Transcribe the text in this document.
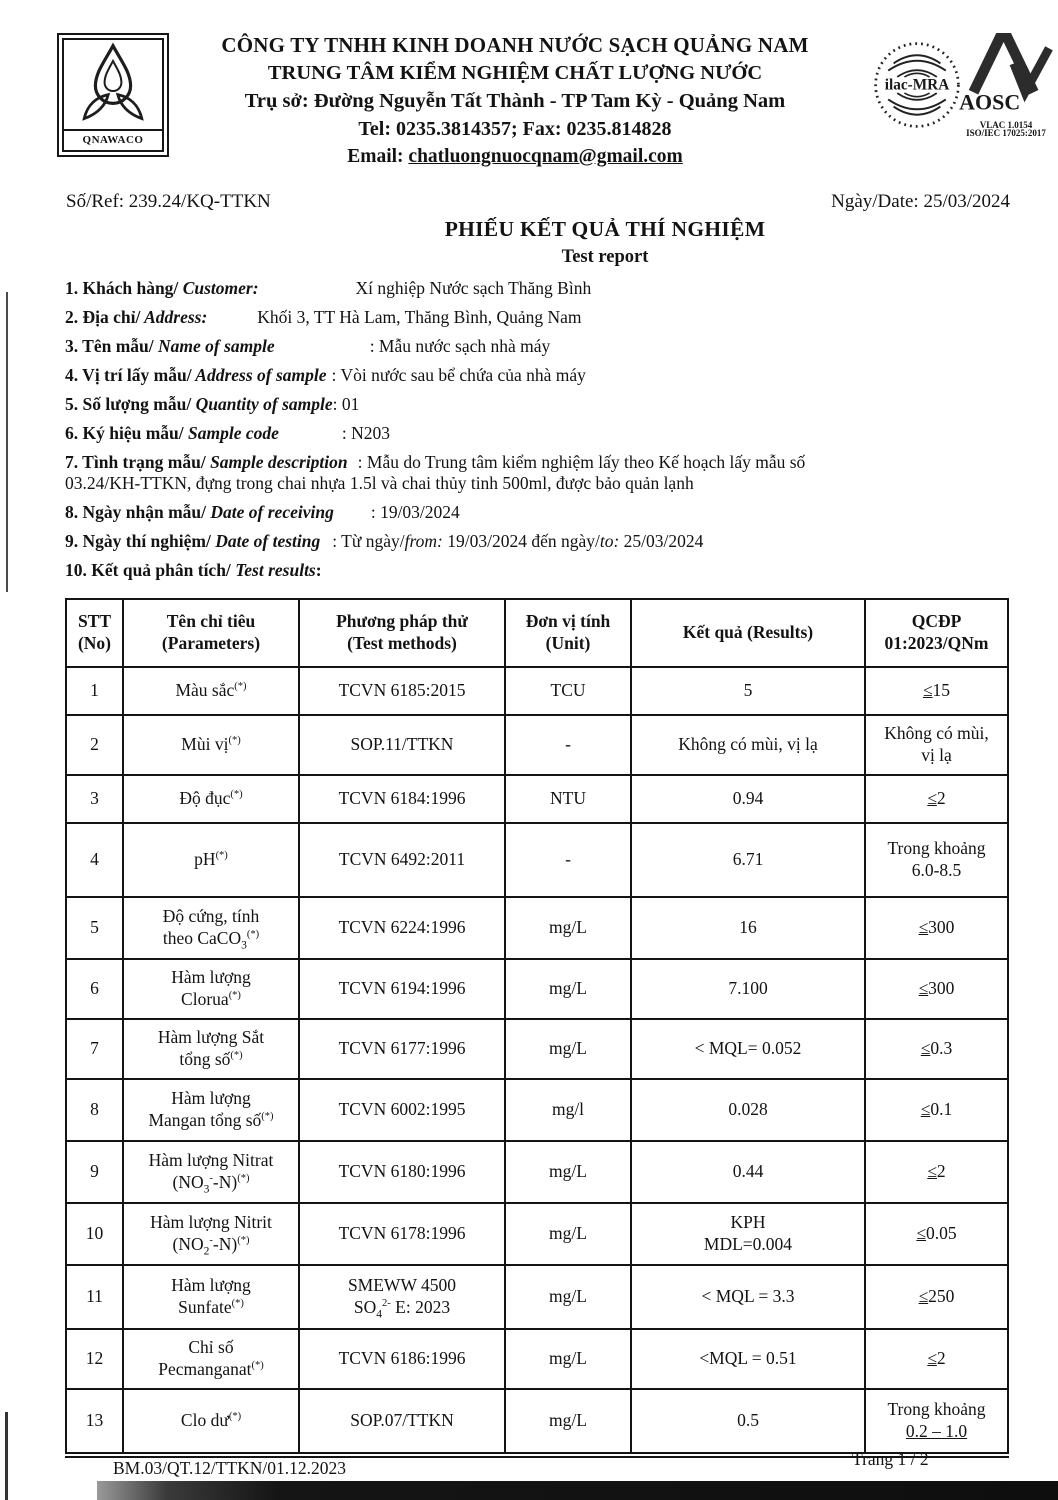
QNAWACO
CÔNG TY TNHH KINH DOANH NƯỚC SẠCH QUẢNG NAM
TRUNG TÂM KIỂM NGHIỆM CHẤT LƯỢNG NƯỚC
Trụ sở: Đường Nguyễn Tất Thành - TP Tam Kỳ - Quảng Nam
Tel: 0235.3814357; Fax: 0235.814828
Email: chatluongnuocqnam@gmail.com
ilac-MRA
AOSC
VLAC 1.0154
ISO/IEC 17025:2017
Số/Ref: 239.24/KQ-TTKN	Ngày/Date: 25/03/2024
PHIẾU KẾT QUẢ THÍ NGHIỆM
Test report
1. Khách hàng/ Customer:	Xí nghiệp Nước sạch Thăng Bình
2. Địa chỉ/ Address:	Khối 3, TT Hà Lam, Thăng Bình, Quảng Nam
3. Tên mẫu/ Name of sample	: Mẫu nước sạch nhà máy
4. Vị trí lấy mẫu/ Address of sample : Vòi nước sau bể chứa của nhà máy
5. Số lượng mẫu/ Quantity of sample: 01
6. Ký hiệu mẫu/ Sample code	: N203
7. Tình trạng mẫu/ Sample description : Mẫu do Trung tâm kiểm nghiệm lấy theo Kế hoạch lấy mẫu số
03.24/KH-TTKN, đựng trong chai nhựa 1.5l và chai thủy tinh 500ml, được bảo quản lạnh
8. Ngày nhận mẫu/ Date of receiving : 19/03/2024
9. Ngày thí nghiệm/ Date of testing : Từ ngày/from: 19/03/2024 đến ngày/to: 25/03/2024
10. Kết quả phân tích/ Test results:
STT
(No)	Tên chỉ tiêu
(Parameters)	Phương pháp thử
(Test methods)	Đơn vị tính
(Unit)	Kết quả (Results)	QCĐP
01:2023/QNm
1	Màu sắc(*)	TCVN 6185:2015	TCU	5	≤15
2	Mùi vị(*)	SOP.11/TTKN	-	Không có mùi, vị lạ	Không có mùi,
vị lạ
3	Độ đục(*)	TCVN 6184:1996	NTU	0.94	≤2
4	pH(*)	TCVN 6492:2011	-	6.71	Trong khoảng
6.0-8.5
5	Độ cứng, tính
theo CaCO$_3$(*)	TCVN 6224:1996	mg/L	16	≤300
6	Hàm lượng
Clorua(*)	TCVN 6194:1996	mg/L	7.100	≤300
7	Hàm lượng Sắt
tổng số(*)	TCVN 6177:1996	mg/L	< MQL= 0.052	≤0.3
8	Hàm lượng
Mangan tổng số(*)	TCVN 6002:1995	mg/l	0.028	≤0.1
9	Hàm lượng Nitrat
$(NO_3^--N)^{(*)}$	TCVN 6180:1996	mg/L	0.44	≤2
10	Hàm lượng Nitrit
$(NO_2^--N)^{(*)}$	TCVN 6178:1996	mg/L	KPH
MDL=0.004	≤0.05
11	Hàm lượng
Sunfate(*)	SMEWW 4500
$SO_4^{2-}$ E: 2023	mg/L	< MQL = 3.3	≤250
12	Chỉ số
Pecmanganat(*)	TCVN 6186:1996	mg/L	<MQL = 0.51	≤2
13	Clo dư(*)	SOP.07/TTKN	mg/L	0.5	Trong khoảng
0.2 – 1.0
BM.03/QT.12/TTKN/01.12.2023	Trang 1 / 2
